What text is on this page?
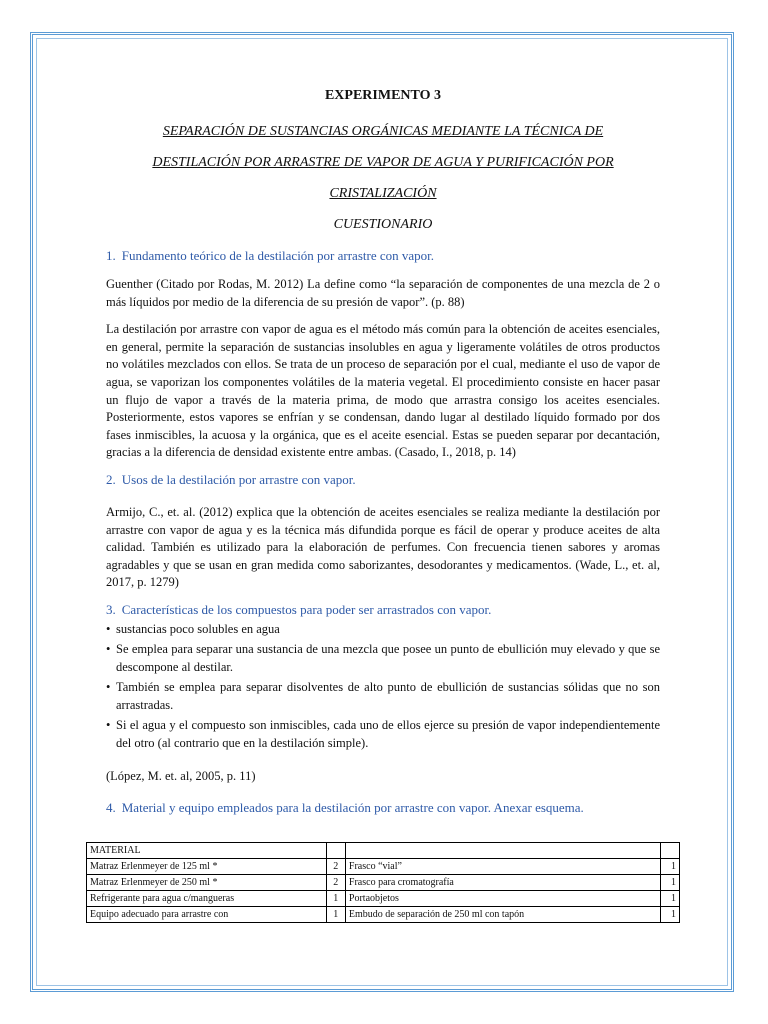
EXPERIMENTO 3
SEPARACIÓN DE SUSTANCIAS ORGÁNICAS MEDIANTE LA TÉCNICA DE
DESTILACIÓN POR ARRASTRE DE VAPOR DE AGUA Y PURIFICACIÓN POR
CRISTALIZACIÓN
CUESTIONARIO
1. Fundamento teórico de la destilación por arrastre con vapor.

Guenther (Citado por Rodas, M. 2012) La define como “la separación de componentes de una mezcla de 2 o más líquidos por medio de la diferencia de su presión de vapor”. (p. 88)

La destilación por arrastre con vapor de agua es el método más común para la obtención de aceites esenciales, en general, permite la separación de sustancias insolubles en agua y ligeramente volátiles de otros productos no volátiles mezclados con ellos. Se trata de un proceso de separación por el cual, mediante el uso de vapor de agua, se vaporizan los componentes volátiles de la materia vegetal. El procedimiento consiste en hacer pasar un flujo de vapor a través de la materia prima, de modo que arrastra consigo los aceites esenciales. Posteriormente, estos vapores se enfrían y se condensan, dando lugar al destilado líquido formado por dos fases inmiscibles, la acuosa y la orgánica, que es el aceite esencial. Estas se pueden separar por decantación, gracias a la diferencia de densidad existente entre ambas. (Casado, I., 2018, p. 14)

2. Usos de la destilación por arrastre con vapor.

Armijo, C., et. al. (2012) explica que la obtención de aceites esenciales se realiza mediante la destilación por arrastre con vapor de agua y es la técnica más difundida porque es fácil de operar y produce aceites de alta calidad. También es utilizado para la elaboración de perfumes. Con frecuencia tienen sabores y aromas agradables y que se usan en gran medida como saborizantes, desodorantes y medicamentos. (Wade, L., et. al, 2017, p. 1279)

3. Características de los compuestos para poder ser arrastrados con vapor.
• sustancias poco solubles en agua
• Se emplea para separar una sustancia de una mezcla que posee un punto de ebullición muy elevado y que se descompone al destilar.
• También se emplea para separar disolventes de alto punto de ebullición de sustancias sólidas que no son arrastradas.
• Si el agua y el compuesto son inmiscibles, cada uno de ellos ejerce su presión de vapor independientemente del otro (al contrario que en la destilación simple).

(López, M. et. al, 2005, p. 11)

4. Material y equipo empleados para la destilación por arrastre con vapor. Anexar esquema.
MATERIAL			
Matraz Erlenmeyer de 125 ml *	2	Frasco “vial”	1
Matraz Erlenmeyer de 250 ml *	2	Frasco para cromatografía	1
Refrigerante para agua c/mangueras	1	Portaobjetos	1
Equipo adecuado para arrastre con	1	Embudo de separación de 250 ml con tapón	1
